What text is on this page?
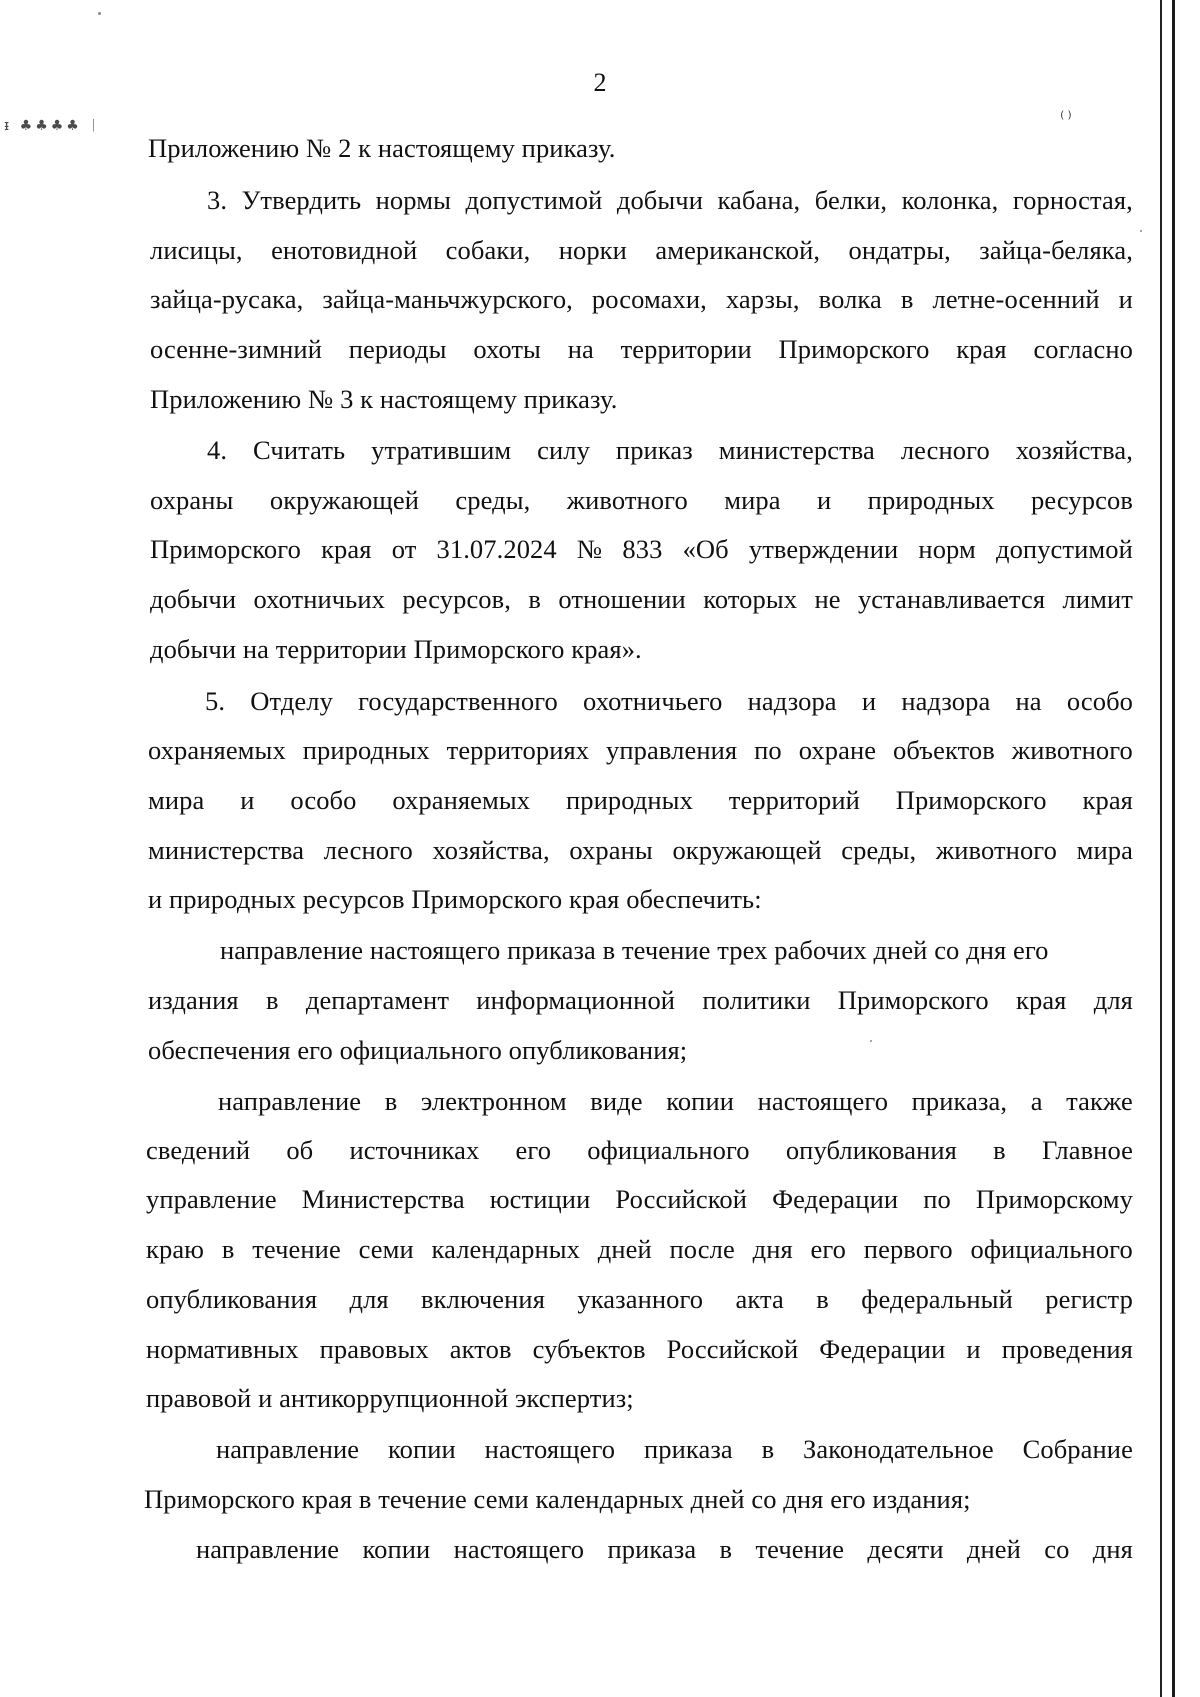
2
ᵻ ♣♣♣♣ ᛁ	⁽⁾
Приложению № 2 к настоящему приказу.
3. Утвердить нормы допустимой добычи кабана, белки, колонка, горностая,
лисицы, енотовидной собаки, норки американской, ондатры, зайца-беляка,
зайца-русака, зайца-маньчжурского, росомахи, харзы, волка в летне-осенний и
осенне-зимний периоды охоты на территории Приморского края согласно
Приложению № 3 к настоящему приказу.
4. Считать утратившим силу приказ министерства лесного хозяйства,
охраны окружающей среды, животного мира и природных ресурсов
Приморского края от 31.07.2024 № 833 «Об утверждении норм допустимой
добычи охотничьих ресурсов, в отношении которых не устанавливается лимит
добычи на территории Приморского края».
5. Отделу государственного охотничьего надзора и надзора на особо
охраняемых природных территориях управления по охране объектов животного
мира и особо охраняемых природных территорий Приморского края
министерства лесного хозяйства, охраны окружающей среды, животного мира
и природных ресурсов Приморского края обеспечить:
направление настоящего приказа в течение трех рабочих дней со дня его
издания в департамент информационной политики Приморского края для
обеспечения его официального опубликования;
направление в электронном виде копии настоящего приказа, а также
сведений об источниках его официального опубликования в Главное
управление Министерства юстиции Российской Федерации по Приморскому
краю в течение семи календарных дней после дня его первого официального
опубликования для включения указанного акта в федеральный регистр
нормативных правовых актов субъектов Российской Федерации и проведения
правовой и антикоррупционной экспертиз;
направление копии настоящего приказа в Законодательное Собрание
Приморского края в течение семи календарных дней со дня его издания;
направление копии настоящего приказа в течение десяти дней со дня
